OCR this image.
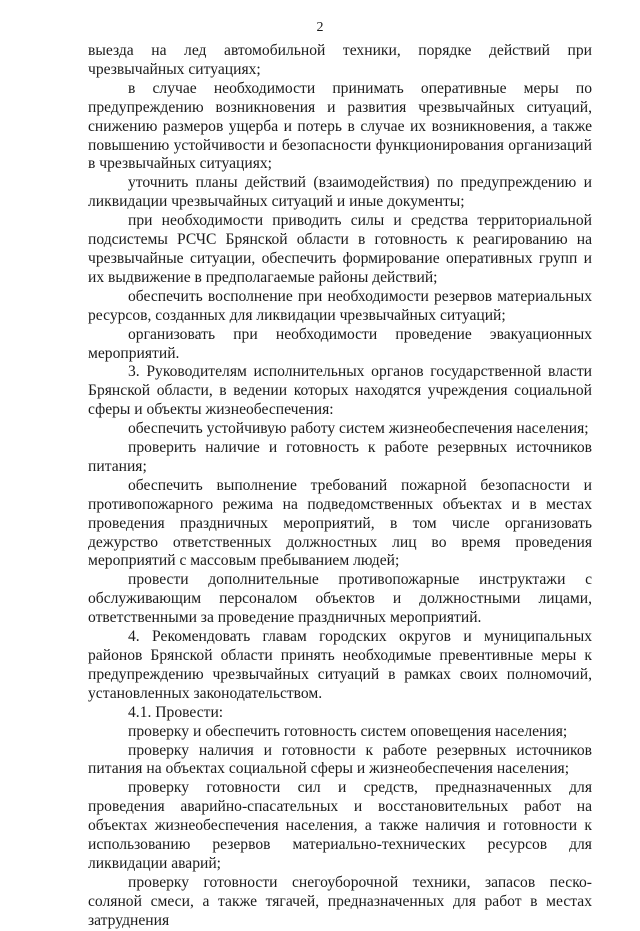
2

выезда на лед автомобильной техники, порядке действий при чрезвычайных ситуациях;

в случае необходимости принимать оперативные меры по предупреждению возникновения и развития чрезвычайных ситуаций, снижению размеров ущерба и потерь в случае их возникновения, а также повышению устойчивости и безопасности функционирования организаций в чрезвычайных ситуациях;

уточнить планы действий (взаимодействия) по предупреждению и ликвидации чрезвычайных ситуаций и иные документы;

при необходимости приводить силы и средства территориальной подсистемы РСЧС Брянской области в готовность к реагированию на чрезвычайные ситуации, обеспечить формирование оперативных групп и их выдвижение в предполагаемые районы действий;

обеспечить восполнение при необходимости резервов материальных ресурсов, созданных для ликвидации чрезвычайных ситуаций;

организовать при необходимости проведение эвакуационных мероприятий.

3. Руководителям исполнительных органов государственной власти Брянской области, в ведении которых находятся учреждения социальной сферы и объекты жизнеобеспечения:

обеспечить устойчивую работу систем жизнеобеспечения населения;

проверить наличие и готовность к работе резервных источников питания;

обеспечить выполнение требований пожарной безопасности и противопожарного режима на подведомственных объектах и в местах проведения праздничных мероприятий, в том числе организовать дежурство ответственных должностных лиц во время проведения мероприятий с массовым пребыванием людей;

провести дополнительные противопожарные инструктажи с обслуживающим персоналом объектов и должностными лицами, ответственными за проведение праздничных мероприятий.

4. Рекомендовать главам городских округов и муниципальных районов Брянской области принять необходимые превентивные меры к предупреждению чрезвычайных ситуаций в рамках своих полномочий, установленных законодательством.

4.1. Провести:

проверку и обеспечить готовность систем оповещения населения;

проверку наличия и готовности к работе резервных источников питания на объектах социальной сферы и жизнеобеспечения населения;

проверку готовности сил и средств, предназначенных для проведения аварийно-спасательных и восстановительных работ на объектах жизнеобеспечения населения, а также наличия и готовности к использованию резервов материально-технических ресурсов для ликвидации аварий;

проверку готовности снегоуборочной техники, запасов песко-соляной смеси, а также тягачей, предназначенных для работ в местах затруднения
